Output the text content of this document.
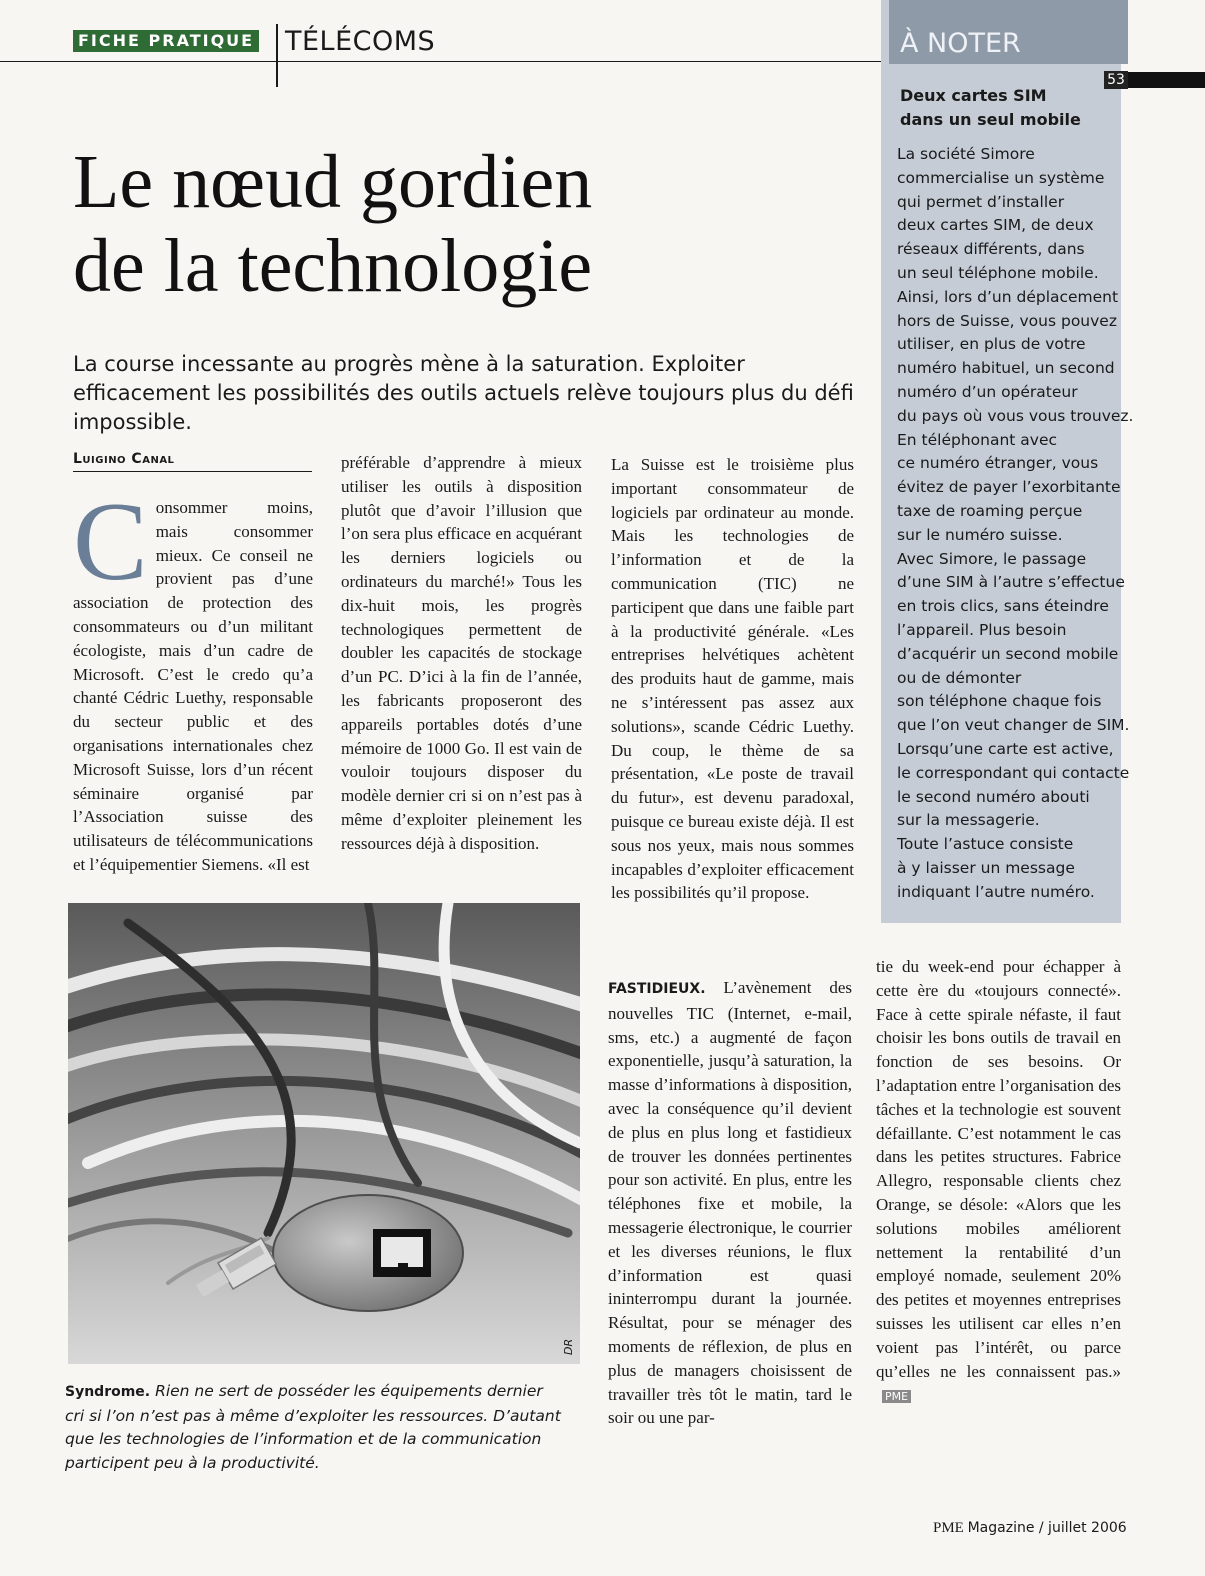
FICHE PRATIQUE TÉLÉCOMS	À NOTER
53
Deux cartes SIM
dans un seul mobile
La société Simore
commercialise un système
qui permet d’installer
deux cartes SIM, de deux
réseaux différents, dans
un seul téléphone mobile.
Ainsi, lors d’un déplacement
hors de Suisse, vous pouvez
utiliser, en plus de votre
numéro habituel, un second
numéro d’un opérateur
du pays où vous vous trouvez.
En téléphonant avec
ce numéro étranger, vous
évitez de payer l’exorbitante
taxe de roaming perçue
sur le numéro suisse.
Avec Simore, le passage
d’une SIM à l’autre s’effectue
en trois clics, sans éteindre
l’appareil. Plus besoin
d’acquérir un second mobile
ou de démonter
son téléphone chaque fois
que l’on veut changer de SIM.
Lorsqu’une carte est active,
le correspondant qui contacte
le second numéro abouti
sur la messagerie.
Toute l’astuce consiste
à y laisser un message
indiquant l’autre numéro.
Le nœud gordien
de la technologie

La course incessante au progrès mène à la saturation. Exploiter efficacement les possibilités des outils actuels relève toujours plus du défi impossible.

Luigino Canal

Consommer moins, mais consommer mieux. Ce conseil ne provient pas d’une association de protection des consommateurs ou d’un militant écologiste, mais d’un cadre de Microsoft. C’est le credo qu’a chanté Cédric Luethy, responsable du secteur public et des organisations internationales chez Microsoft Suisse, lors d’un récent séminaire organisé par l’Association suisse des utilisateurs de télécommunications et l’équipementier Siemens. «Il est

préférable d’apprendre à mieux utiliser les outils à disposition plutôt que d’avoir l’illusion que l’on sera plus efficace en acquérant les derniers logiciels ou ordinateurs du marché!» Tous les dix-huit mois, les progrès technologiques permettent de doubler les capacités de stockage d’un PC. D’ici à la fin de l’année, les fabricants proposeront des appareils portables dotés d’une mémoire de 1000 Go. Il est vain de vouloir toujours disposer du modèle dernier cri si on n’est pas à même d’exploiter pleinement les ressources déjà à disposition.

La Suisse est le troisième plus important consommateur de logiciels par ordinateur au monde. Mais les technologies de l’information et de la communication (TIC) ne participent que dans une faible part à la productivité générale. «Les entreprises helvétiques achètent des produits haut de gamme, mais ne s’intéressent pas assez aux solutions», scande Cédric Luethy. Du coup, le thème de sa présentation, «Le poste de travail du futur», est devenu paradoxal, puisque ce bureau existe déjà. Il est sous nos yeux, mais nous sommes incapables d’exploiter efficacement les possibilités qu’il propose.

FASTIDIEUX. L’avènement des nouvelles TIC (Internet, e-mail, sms, etc.) a augmenté de façon exponentielle, jusqu’à saturation, la masse d’informations à disposition, avec la conséquence qu’il devient de plus en plus long et fastidieux de trouver les données pertinentes pour son activité. En plus, entre les téléphones fixe et mobile, la messagerie électronique, le courrier et les diverses réunions, le flux d’information est quasi ininterrompu durant la journée. Résultat, pour se ménager des moments de réflexion, de plus en plus de managers choisissent de travailler très tôt le matin, tard le soir ou une par-

tie du week-end pour échapper à cette ère du «toujours connecté». Face à cette spirale néfaste, il faut choisir les bons outils de travail en fonction de ses besoins. Or l’adaptation entre l’organisation des tâches et la technologie est souvent défaillante. C’est notamment le cas dans les petites structures. Fabrice Allegro, responsable clients chez Orange, se désole: «Alors que les solutions mobiles améliorent nettement la rentabilité d’un employé nomade, seulement 20% des petites et moyennes entreprises suisses les utilisent car elles n’en voient pas l’intérêt, ou parce qu’elles ne les connaissent pas.»PME

DR

Syndrome. Rien ne sert de posséder les équipements dernier cri si l’on n’est pas à même d’exploiter les ressources. D’autant que les technologies de l’information et de la communication participent peu à la productivité.

PME Magazine / juillet 2006
